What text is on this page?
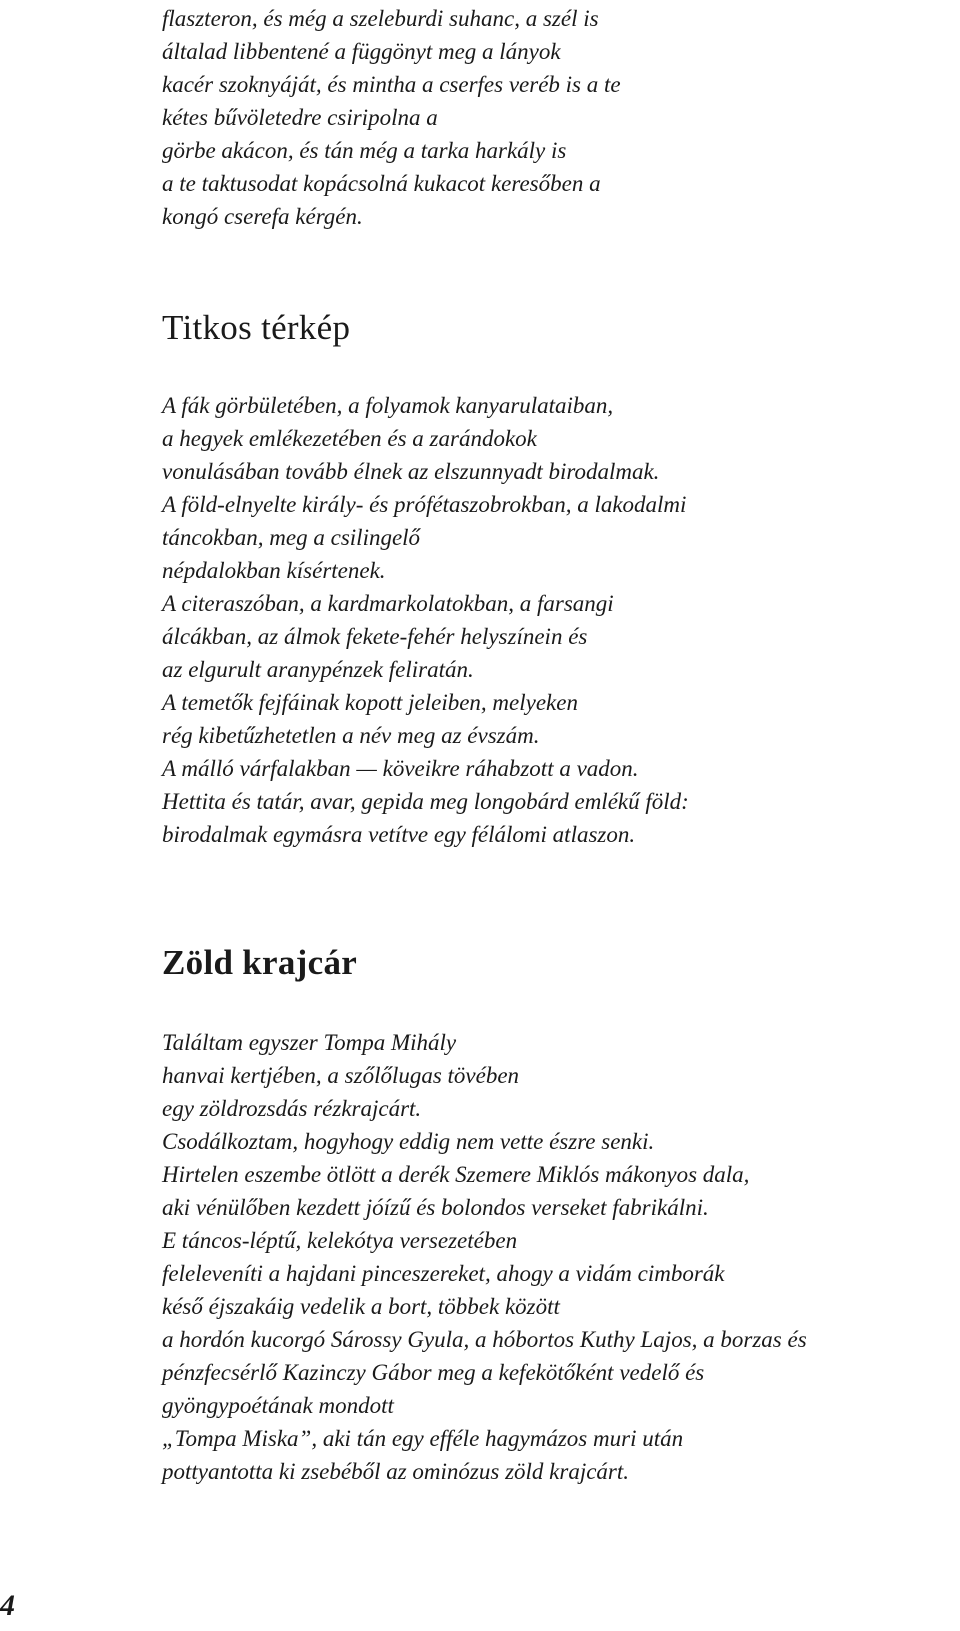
flaszteron, és még a szeleburdi suhanc, a szél is
általad libbentené a függönyt meg a lányok
kacér szoknyáját, és mintha a cserfes veréb is a te
kétes bűvöletedre csiripolna a
görbe akácon, és tán még a tarka harkály is
a te taktusodat kopácsolná kukacot keresőben a
kongó cserefa kérgén.
Titkos térkép
A fák görbületében, a folyamok kanyarulataiban,
a hegyek emlékezetében és a zarándokok
vonulásában tovább élnek az elszunnyadt birodalmak.
A föld-elnyelte király- és prófétaszobrokban, a lakodalmi
táncokban, meg a csilingelő
népdalokban kísértenek.
A citeraszóban, a kardmarkolatokban, a farsangi
álcákban, az álmok fekete-fehér helyszínein és
az elgurult aranypénzek feliratán.
A temetők fejfáinak kopott jeleiben, melyeken
rég kibetűzhetetlen a név meg az évszám.
A málló várfalakban — köveikre ráhabzott a vadon.
Hettita és tatár, avar, gepida meg longobárd emlékű föld:
birodalmak egymásra vetítve egy félálomi atlaszon.
Zöld krajcár
Találtam egyszer Tompa Mihály
hanvai kertjében, a szőlőlugas tövében
egy zöldrozsdás rézkrajcárt.
Csodálkoztam, hogyhogy eddig nem vette észre senki.
Hirtelen eszembe ötlött a derék Szemere Miklós mákonyos dala,
aki vénülőben kezdett jóízű és bolondos verseket fabrikálni.
E táncos-léptű, kelekótya versezetében
feleleveníti a hajdani pinceszereket, ahogy a vidám cimborák
késő éjszakáig vedelik a bort, többek között
a hordón kucorgó Sárossy Gyula, a hóbortos Kuthy Lajos, a borzas és
pénzfecsérlő Kazinczy Gábor meg a kefekötőként vedelő és
gyöngypoétának mondott
„Tompa Miska”, aki tán egy efféle hagymázos muri után
pottyantotta ki zsebéből az ominózus zöld krajcárt.
4
